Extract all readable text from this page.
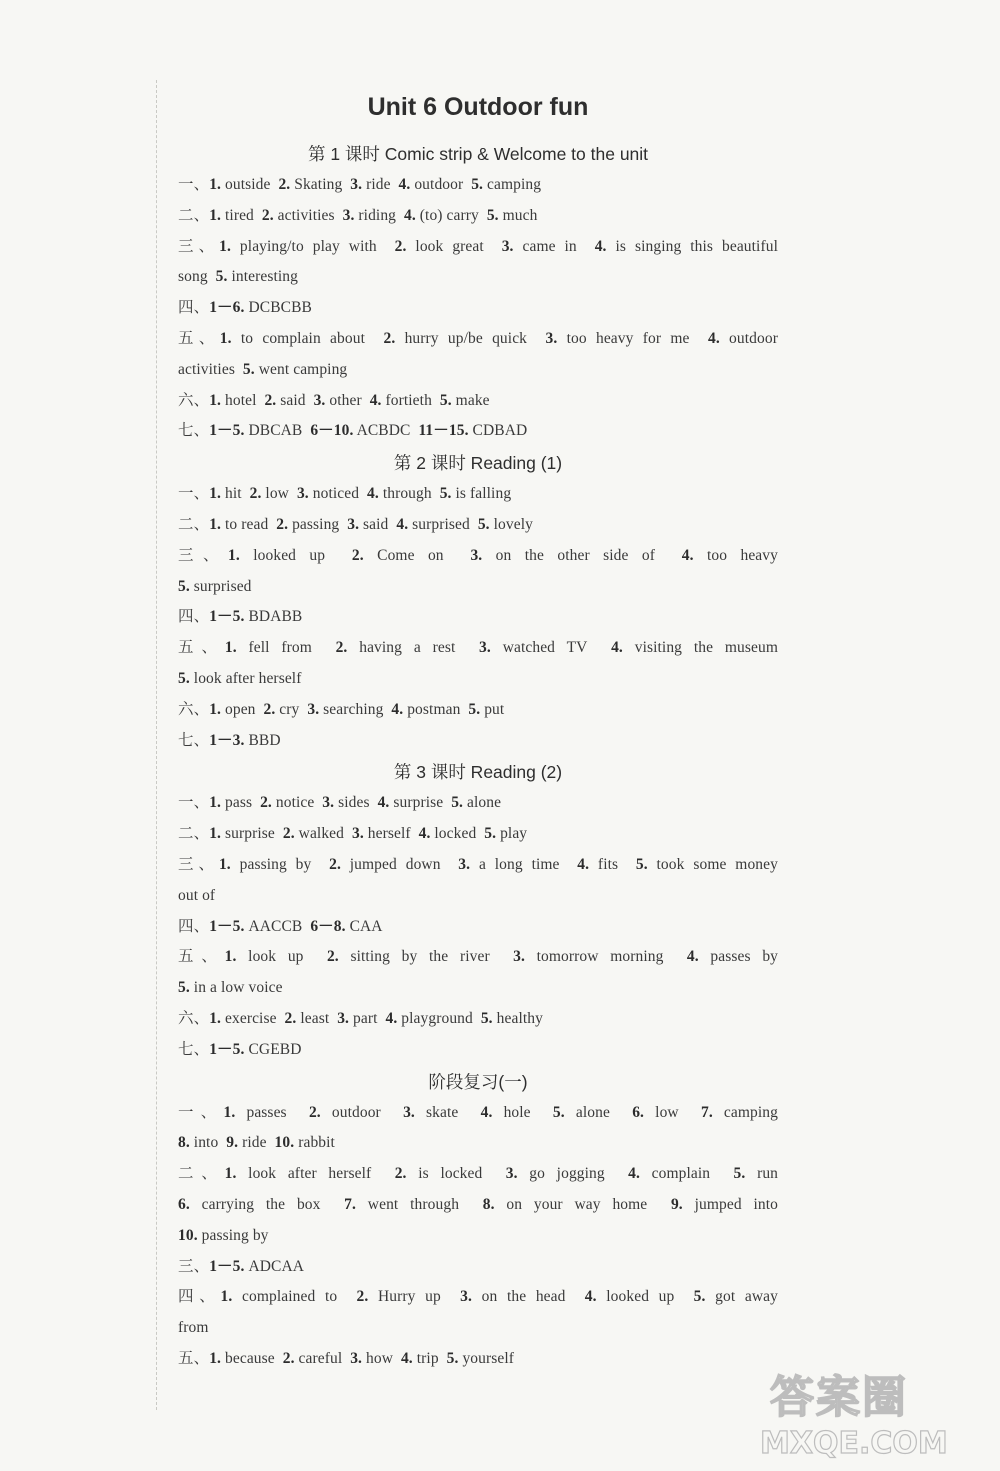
Unit 6 Outdoor fun
第 1 课时 Comic strip & Welcome to the unit
一、1. outside  2. Skating  3. ride  4. outdoor  5. camping
二、1. tired  2. activities  3. riding  4. (to) carry  5. much
三、1. playing/to play with  2. look great  3. came in  4. is singing this beautiful
song  5. interesting
四、1－6. DCBCBB
五、1. to complain about  2. hurry up/be quick  3. too heavy for me  4. outdoor
activities  5. went camping
六、1. hotel  2. said  3. other  4. fortieth  5. make
七、1－5. DBCAB  6－10. ACBDC  11－15. CDBAD
第 2 课时 Reading (1)
一、1. hit  2. low  3. noticed  4. through  5. is falling
二、1. to read  2. passing  3. said  4. surprised  5. lovely
三、1. looked up  2. Come on  3. on the other side of  4. too heavy
5. surprised
四、1－5. BDABB
五、1. fell from  2. having a rest  3. watched TV  4. visiting the museum
5. look after herself
六、1. open  2. cry  3. searching  4. postman  5. put
七、1－3. BBD
第 3 课时 Reading (2)
一、1. pass  2. notice  3. sides  4. surprise  5. alone
二、1. surprise  2. walked  3. herself  4. locked  5. play
三、1. passing by  2. jumped down  3. a long time  4. fits  5. took some money
out of
四、1－5. AACCB  6－8. CAA
五、1. look up  2. sitting by the river  3. tomorrow morning  4. passes by
5. in a low voice
六、1. exercise  2. least  3. part  4. playground  5. healthy
七、1－5. CGEBD
阶段复习(一)
一、1. passes  2. outdoor  3. skate  4. hole  5. alone  6. low  7. camping
8. into  9. ride  10. rabbit
二、1. look after herself  2. is locked  3. go jogging  4. complain  5. run
6. carrying the box  7. went through  8. on your way home  9. jumped into
10. passing by
三、1－5. ADCAA
四、1. complained to  2. Hurry up  3. on the head  4. looked up  5. got away
from
五、1. because  2. careful  3. how  4. trip  5. yourself
答案圈
MXQE.COM
